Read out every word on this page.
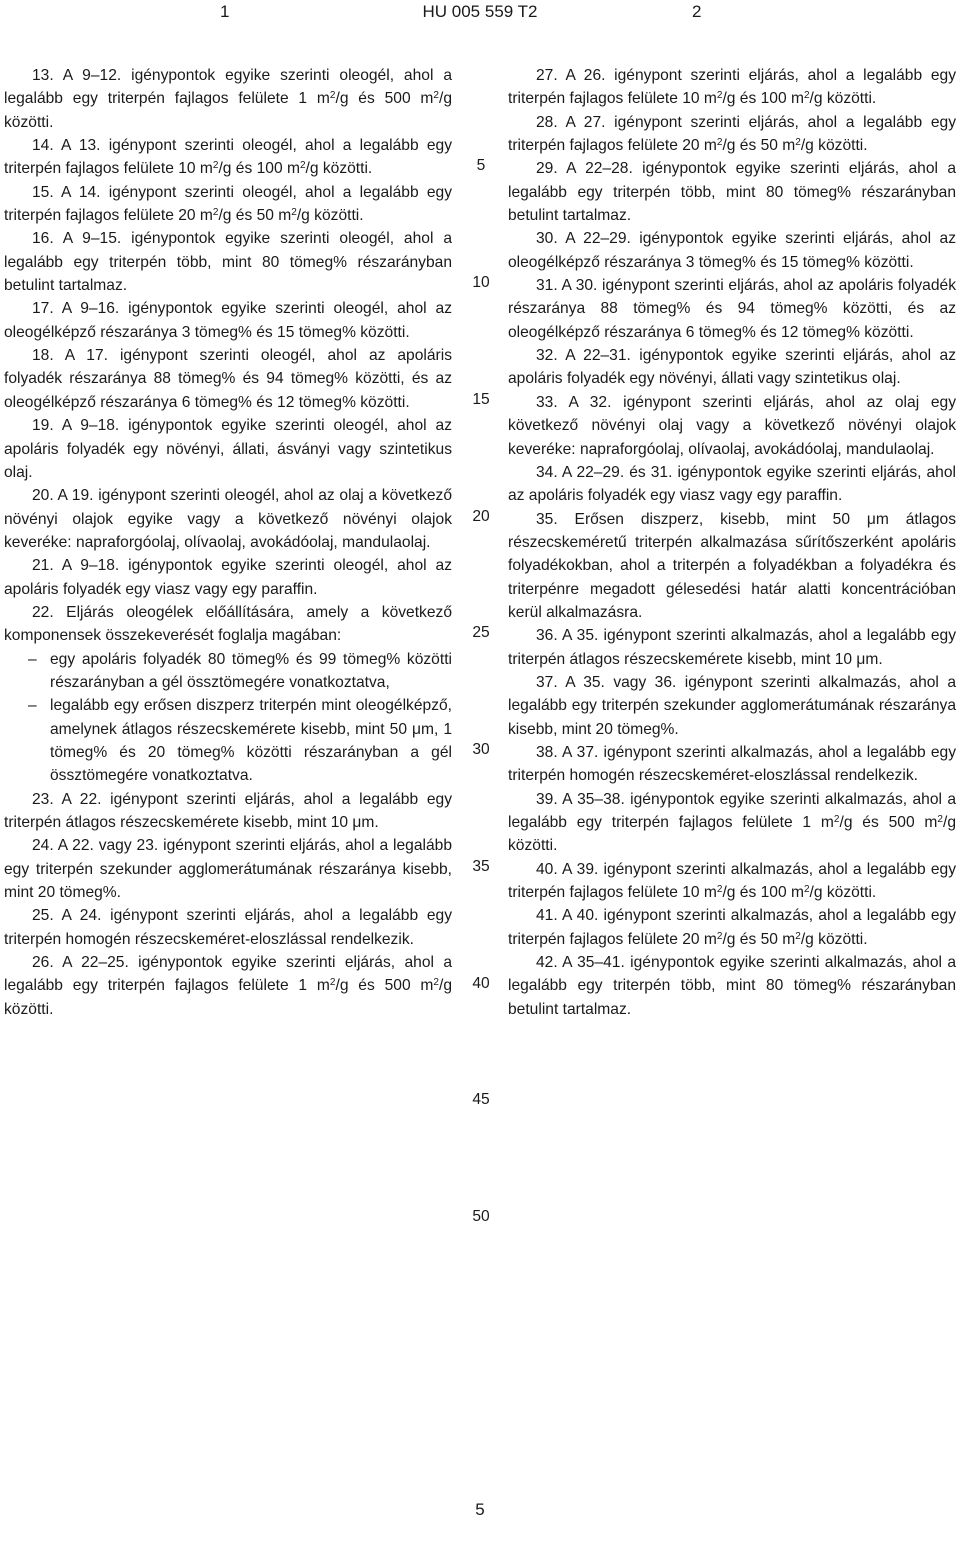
1	HU 005 559 T2	2

13. A 9–12. igénypontok egyike szerinti oleogél, ahol a legalább egy triterpén fajlagos felülete 1 $m^2/g$ és 500 $m^2/g$ közötti.

14. A 13. igénypont szerinti oleogél, ahol a legalább egy triterpén fajlagos felülete 10 $m^2/g$ és 100 $m^2/g$ közötti.

15. A 14. igénypont szerinti oleogél, ahol a legalább egy triterpén fajlagos felülete 20 $m^2/g$ és 50 $m^2/g$ közötti.

16. A 9–15. igénypontok egyike szerinti oleogél, ahol a legalább egy triterpén több, mint 80 tömeg% részarányban betulint tartalmaz.

17. A 9–16. igénypontok egyike szerinti oleogél, ahol az oleogélképző részaránya 3 tömeg% és 15 tömeg% közötti.

18. A 17. igénypont szerinti oleogél, ahol az apoláris folyadék részaránya 88 tömeg% és 94 tömeg% közötti, és az oleogélképző részaránya 6 tömeg% és 12 tömeg% közötti.

19. A 9–18. igénypontok egyike szerinti oleogél, ahol az apoláris folyadék egy növényi, állati, ásványi vagy szintetikus olaj.

20. A 19. igénypont szerinti oleogél, ahol az olaj a következő növényi olajok egyike vagy a következő növényi olajok keveréke: napraforgóolaj, olívaolaj, avokádóolaj, mandulaolaj.

21. A 9–18. igénypontok egyike szerinti oleogél, ahol az apoláris folyadék egy viasz vagy egy paraffin.

22. Eljárás oleogélek előállítására, amely a következő komponensek összekeverését foglalja magában:

– egy apoláris folyadék 80 tömeg% és 99 tömeg% közötti részarányban a gél össztömegére vonatkoztatva,
– legalább egy erősen diszperz triterpén mint oleogélképző, amelynek átlagos részecskemérete kisebb, mint 50 μm, 1 tömeg% és 20 tömeg% közötti részarányban a gél össztömegére vonatkoztatva.

23. A 22. igénypont szerinti eljárás, ahol a legalább egy triterpén átlagos részecskemérete kisebb, mint 10 μm.

24. A 22. vagy 23. igénypont szerinti eljárás, ahol a legalább egy triterpén szekunder agglomerátumának részaránya kisebb, mint 20 tömeg%.

25. A 24. igénypont szerinti eljárás, ahol a legalább egy triterpén homogén részecskeméret-eloszlással rendelkezik.

26. A 22–25. igénypontok egyike szerinti eljárás, ahol a legalább egy triterpén fajlagos felülete 1 $m^2/g$ és 500 $m^2/g$ közötti.

27. A 26. igénypont szerinti eljárás, ahol a legalább egy triterpén fajlagos felülete 10 $m^2/g$ és 100 $m^2/g$ közötti.

28. A 27. igénypont szerinti eljárás, ahol a legalább egy triterpén fajlagos felülete 20 $m^2/g$ és 50 $m^2/g$ közötti.

29. A 22–28. igénypontok egyike szerinti eljárás, ahol a legalább egy triterpén több, mint 80 tömeg% részarányban betulint tartalmaz.

30. A 22–29. igénypontok egyike szerinti eljárás, ahol az oleogélképző részaránya 3 tömeg% és 15 tömeg% közötti.

31. A 30. igénypont szerinti eljárás, ahol az apoláris folyadék részaránya 88 tömeg% és 94 tömeg% közötti, és az oleogélképző részaránya 6 tömeg% és 12 tömeg% közötti.

32. A 22–31. igénypontok egyike szerinti eljárás, ahol az apoláris folyadék egy növényi, állati vagy szintetikus olaj.

33. A 32. igénypont szerinti eljárás, ahol az olaj egy következő növényi olaj vagy a következő növényi olajok keveréke: napraforgóolaj, olívaolaj, avokádóolaj, mandulaolaj.

34. A 22–29. és 31. igénypontok egyike szerinti eljárás, ahol az apoláris folyadék egy viasz vagy egy paraffin.

35. Erősen diszperz, kisebb, mint 50 μm átlagos részecskeméretű triterpén alkalmazása sűrítőszerként apoláris folyadékokban, ahol a triterpén a folyadékban a folyadékra és triterpénre megadott gélesedési határ alatti koncentrációban kerül alkalmazásra.

36. A 35. igénypont szerinti alkalmazás, ahol a legalább egy triterpén átlagos részecskemérete kisebb, mint 10 μm.

37. A 35. vagy 36. igénypont szerinti alkalmazás, ahol a legalább egy triterpén szekunder agglomerátumának részaránya kisebb, mint 20 tömeg%.

38. A 37. igénypont szerinti alkalmazás, ahol a legalább egy triterpén homogén részecskeméret-eloszlással rendelkezik.

39. A 35–38. igénypontok egyike szerinti alkalmazás, ahol a legalább egy triterpén fajlagos felülete 1 $m^2/g$ és 500 $m^2/g$ közötti.

40. A 39. igénypont szerinti alkalmazás, ahol a legalább egy triterpén fajlagos felülete 10 $m^2/g$ és 100 $m^2/g$ közötti.

41. A 40. igénypont szerinti alkalmazás, ahol a legalább egy triterpén fajlagos felülete 20 $m^2/g$ és 50 $m^2/g$ közötti.

42. A 35–41. igénypontok egyike szerinti alkalmazás, ahol a legalább egy triterpén több, mint 80 tömeg% részarányban betulint tartalmaz.

5
10
15
20
25
30
35
40
45
50
5
